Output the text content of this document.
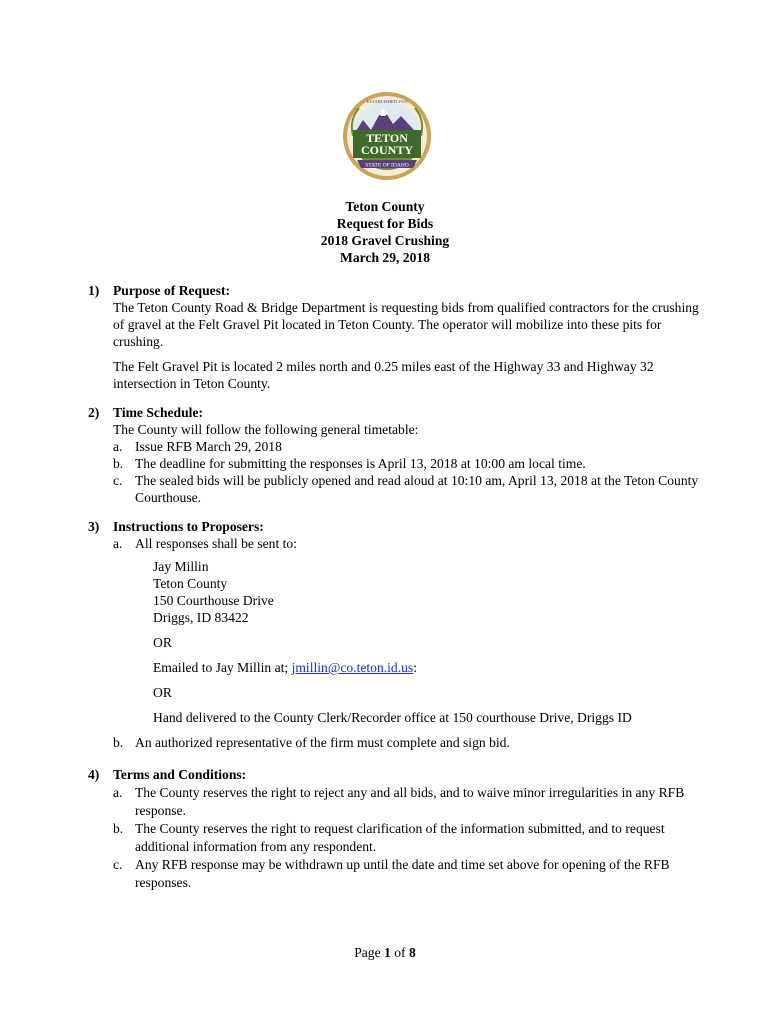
TETON
COUNTY
STATE OF IDAHO
ESTABLISHED 1915
Teton County
Request for Bids
2018 Gravel Crushing
March 29, 2018
1) Purpose of Request:
The Teton County Road & Bridge Department is requesting bids from qualified contractors for the crushing of gravel at the Felt Gravel Pit located in Teton County. The operator will mobilize into these pits for crushing.
The Felt Gravel Pit is located 2 miles north and 0.25 miles east of the Highway 33 and Highway 32 intersection in Teton County.
2) Time Schedule:
The County will follow the following general timetable:
a. Issue RFB March 29, 2018
b. The deadline for submitting the responses is April 13, 2018 at 10:00 am local time.
c. The sealed bids will be publicly opened and read aloud at 10:10 am, April 13, 2018 at the Teton County Courthouse.
3) Instructions to Proposers:
a. All responses shall be sent to:
Jay Millin
Teton County
150 Courthouse Drive
Driggs, ID 83422
OR
Emailed to Jay Millin at; jmillin@co.teton.id.us:
OR
Hand delivered to the County Clerk/Recorder office at 150 courthouse Drive, Driggs ID
b. An authorized representative of the firm must complete and sign bid.
4) Terms and Conditions:
a. The County reserves the right to reject any and all bids, and to waive minor irregularities in any RFB response.
b. The County reserves the right to request clarification of the information submitted, and to request additional information from any respondent.
c. Any RFB response may be withdrawn up until the date and time set above for opening of the RFB responses.
Page 1 of 8
